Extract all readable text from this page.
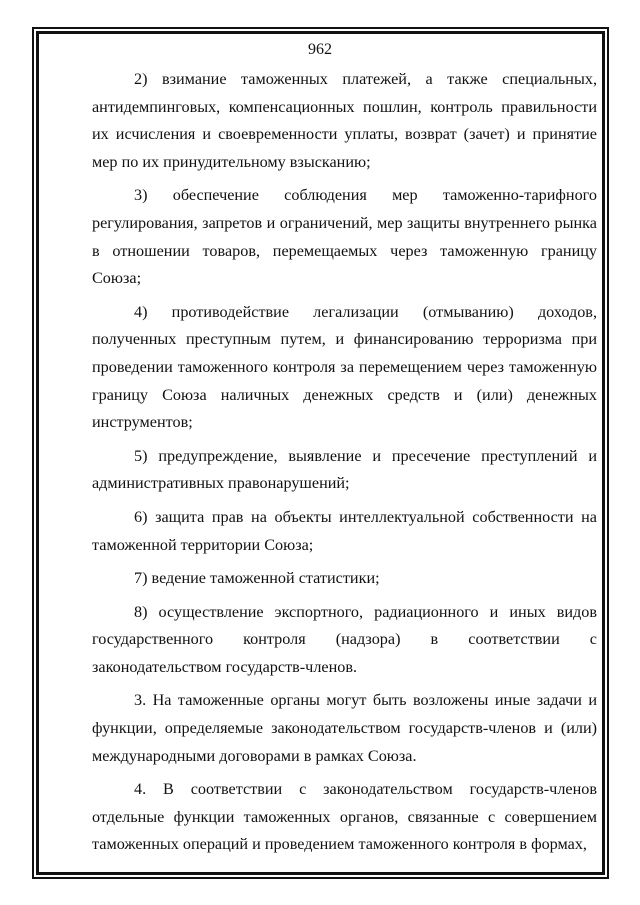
962

2) взимание таможенных платежей, а также специальных, антидемпинговых, компенсационных пошлин, контроль правильности их исчисления и своевременности уплаты, возврат (зачет) и принятие мер по их принудительному взысканию;

3) обеспечение соблюдения мер таможенно-тарифного регулирования, запретов и ограничений, мер защиты внутреннего рынка в отношении товаров, перемещаемых через таможенную границу Союза;

4) противодействие легализации (отмыванию) доходов, полученных преступным путем, и финансированию терроризма при проведении таможенного контроля за перемещением через таможенную границу Союза наличных денежных средств и (или) денежных инструментов;

5) предупреждение, выявление и пресечение преступлений и административных правонарушений;

6) защита прав на объекты интеллектуальной собственности на таможенной территории Союза;

7) ведение таможенной статистики;

8) осуществление экспортного, радиационного и иных видов государственного контроля (надзора) в соответствии с законодательством государств-членов.

3. На таможенные органы могут быть возложены иные задачи и функции, определяемые законодательством государств-членов и (или) международными договорами в рамках Союза.

4. В соответствии с законодательством государств-членов отдельные функции таможенных органов, связанные с совершением таможенных операций и проведением таможенного контроля в формах,
